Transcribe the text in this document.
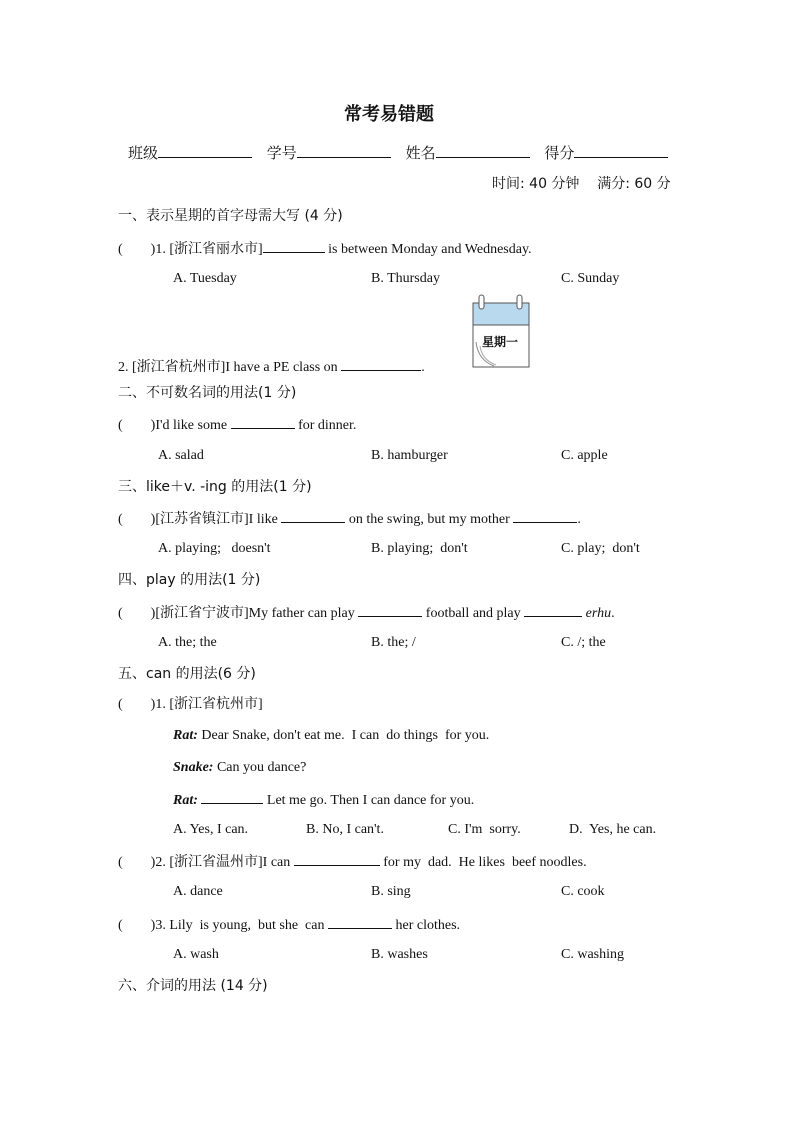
常考易错题
班级	学号	姓名	得分
时间: 40 分钟    满分: 60 分
一、表示星期的首字母需大写 (4 分)
(        )1. [浙江省丽水市]	is between Monday and Wednesday.
A. Tuesday	B. Thursday	C. Sunday
星期一
2. [浙江省杭州市]I have a PE class on	.
二、不可数名词的用法(1 分)
(        )I'd like some	for dinner.
A. salad	B. hamburger	C. apple
三、like＋v. -ing 的用法(1 分)
(        )[江苏省镇江市]I like	on the swing, but my mother	.
A. playing;   doesn't	B. playing;  don't	C. play;  don't
四、play 的用法(1 分)
(        )[浙江省宁波市]My father can play	football and play	erhu.
A. the; the	B. the; /	C. /; the
五、can 的用法(6 分)
(        )1. [浙江省杭州市]
Rat: Dear Snake, don't eat me.  I can  do things  for you.
Snake: Can you dance?
Rat:	Let me go. Then I can dance for you.
A. Yes, I can.	B. No, I can't.	C. I'm  sorry.	D.  Yes, he can.
(        )2. [浙江省温州市]I can	for my  dad.  He likes  beef noodles.
A. dance	B. sing	C. cook
(        )3. Lily  is young,  but she  can	her clothes.
A. wash	B. washes	C. washing
六、介词的用法 (14 分)
